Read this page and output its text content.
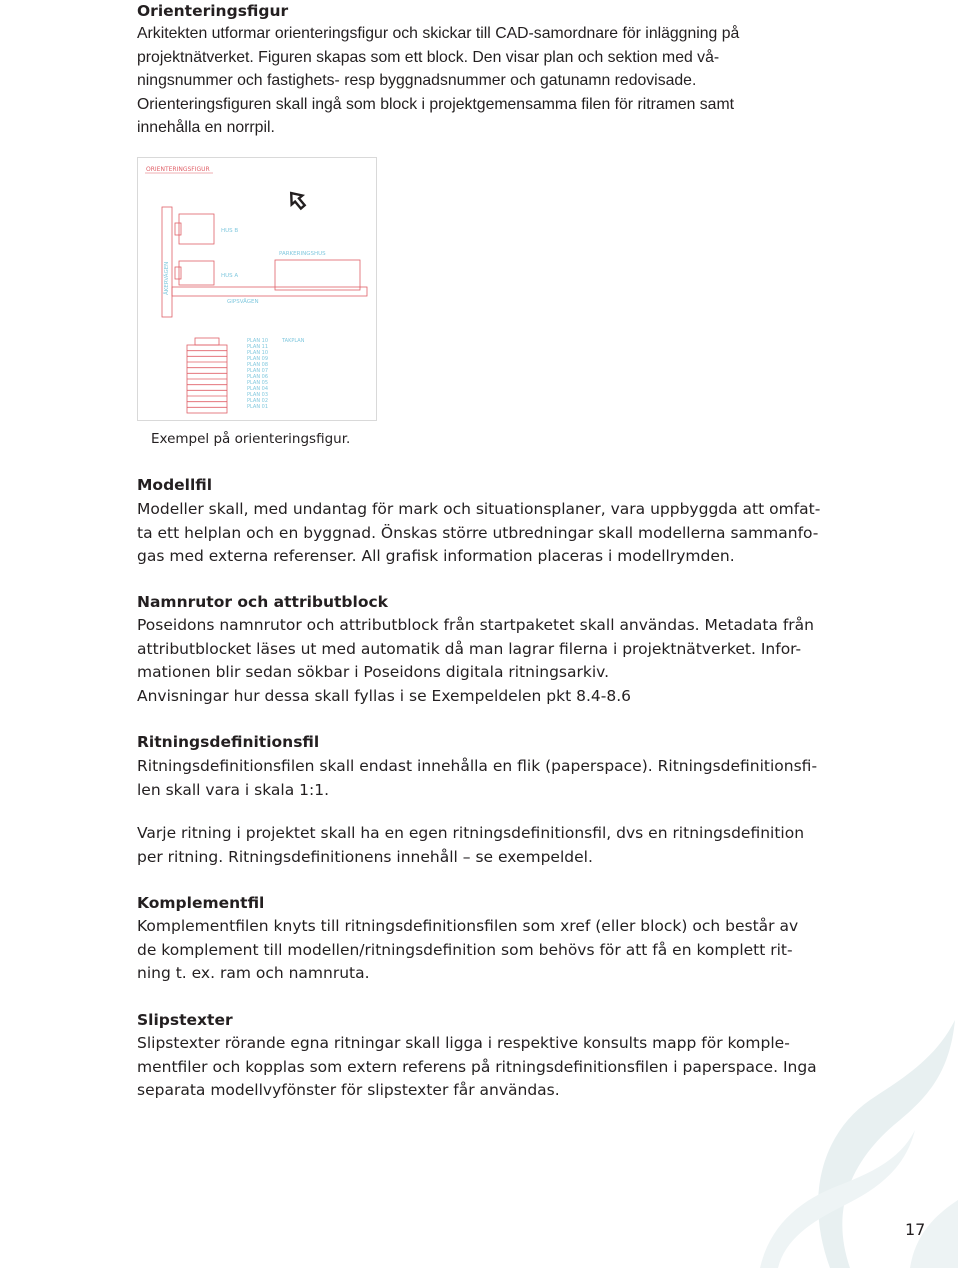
Orienteringsfigur

Arkitekten utformar orienteringsfigur och skickar till CAD-samordnare för inläggning på
projektnätverket. Figuren skapas som ett block. Den visar plan och sektion med vå-
ningsnummer och fastighets- resp byggnadsnummer och gatunamn redovisade.
Orienteringsfiguren skall ingå som block i projektgemensamma filen för ritramen samt
innehålla en norrpil.

ORIENTERINGSFIGUR
HUS B
HUS A
PARKERINGSHUS
GIPSVÄGEN
ÅKERVÄGEN
PLAN 10	TAKPLAN
PLAN 11
PLAN 10
PLAN 09
PLAN 08
PLAN 07
PLAN 06
PLAN 05
PLAN 04
PLAN 03
PLAN 02
PLAN 01

Exempel på orienteringsfigur.

Modellfil

Modeller skall, med undantag för mark och situationsplaner, vara uppbyggda att omfat-
ta ett helplan och en byggnad. Önskas större utbredningar skall modellerna sammanfo-
gas med externa referenser. All grafisk information placeras i modellrymden.

Namnrutor och attributblock

Poseidons namnrutor och attributblock från startpaketet skall användas. Metadata från
attributblocket läses ut med automatik då man lagrar filerna i projektnätverket. Infor-
mationen blir sedan sökbar i Poseidons digitala ritningsarkiv.
Anvisningar hur dessa skall fyllas i se Exempeldelen pkt 8.4-8.6

Ritningsdefinitionsfil

Ritningsdefinitionsfilen skall endast innehålla en flik (paperspace). Ritningsdefinitionsfi-
len skall vara i skala 1:1.

Varje ritning i projektet skall ha en egen ritningsdefinitionsfil, dvs en ritningsdefinition
per ritning. Ritningsdefinitionens innehåll – se exempeldel.

Komplementfil

Komplementfilen knyts till ritningsdefinitionsfilen som xref (eller block) och består av
de komplement till modellen/ritningsdefinition som behövs för att få en komplett rit-
ning t. ex. ram och namnruta.

Slipstexter

Slipstexter rörande egna ritningar skall ligga i respektive konsults mapp för komple-
mentfiler och kopplas som extern referens på ritningsdefinitionsfilen i paperspace. Inga
separata modellvyfönster för slipstexter får användas.

17
